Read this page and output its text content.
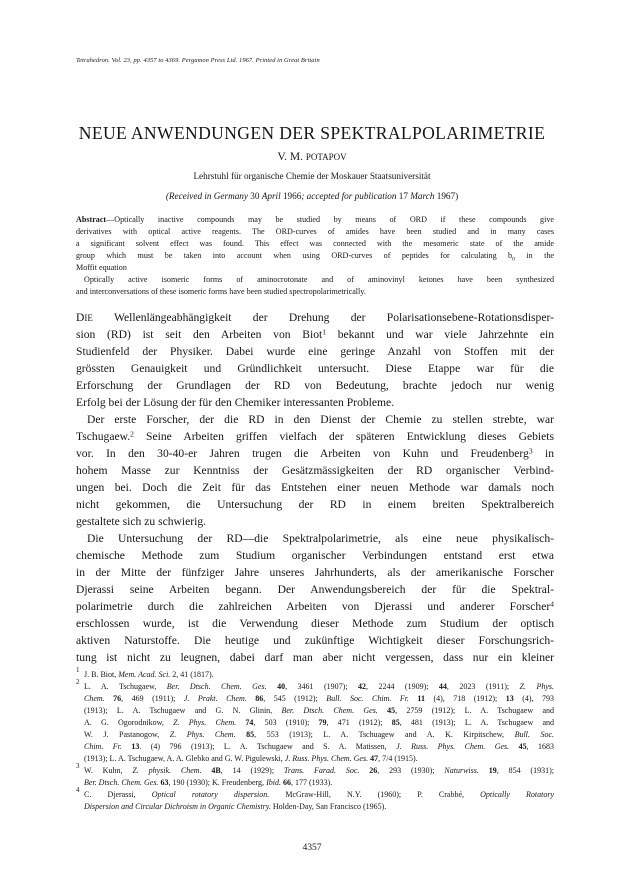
Tetrahedron. Vol. 23, pp. 4357 to 4369. Pergamon Press Ltd. 1967. Printed in Great Britain
NEUE ANWENDUNGEN DER SPEKTRALPOLARIMETRIE
V. M. POTAPOV
Lehrstuhl für organische Chemie der Moskauer Staatsuniversität
(Received in Germany 30 April 1966; accepted for publication 17 March 1967)
Abstract—Optically inactive compounds may be studied by means of ORD if these compounds give
derivatives with optical active reagents. The ORD-curves of amides have been studied and in many cases
a significant solvent effect was found. This effect was connected with the mesomeric state of the amide
group which must be taken into account when using ORD-curves of peptides for calculating $b_0$ in the
Moffit equation
Optically active isomeric forms of aminocrotonate and of aminovinyl ketones have been synthesized
and interconversations of these isomeric forms have been studied spectropolarimetrically.
DIE Wellenlängeabhängigkeit der Drehung der Polarisationsebene-Rotationsdisper-
sion (RD) ist seit den Arbeiten von Biot$^1$ bekannt und war viele Jahrzehnte ein
Studienfeld der Physiker. Dabei wurde eine geringe Anzahl von Stoffen mit der
grössten Genauigkeit und Gründlichkeit untersucht. Diese Etappe war für die
Erforschung der Grundlagen der RD von Bedeutung, brachte jedoch nur wenig
Erfolg bei der Lösung der für den Chemiker interessanten Probleme.
Der erste Forscher, der die RD in den Dienst der Chemie zu stellen strebte, war
Tschugaew.$^2$ Seine Arbeiten griffen vielfach der späteren Entwicklung dieses Gebiets
vor. In den 30-40-er Jahren trugen die Arbeiten von Kuhn und Freudenberg$^3$ in
hohem Masse zur Kenntniss der Gesätzmässigkeiten der RD organischer Verbind-
ungen bei. Doch die Zeit für das Entstehen einer neuen Methode war damals noch
nicht gekommen, die Untersuchung der RD in einem breiten Spektralbereich
gestaltete sich zu schwierig.
Die Untersuchung der RD—die Spektralpolarimetrie, als eine neue physikalisch-
chemische Methode zum Studium organischer Verbindungen entstand erst etwa
in der Mitte der fünfziger Jahre unseres Jahrhunderts, als der amerikanische Forscher
Djerassi seine Arbeiten begann. Der Anwendungsbereich der für die Spektral-
polarimetrie durch die zahlreichen Arbeiten von Djerassi und anderer Forscher$^4$
erschlossen wurde, ist die Verwendung dieser Methode zum Studium der optisch
aktiven Naturstoffe. Die heutige und zukünftige Wichtigkeit dieser Forschungsrich-
tung ist nicht zu leugnen, dabei darf man aber nicht vergessen, dass nur ein kleiner
1 J. B. Biot, Mem. Acad. Sci. 2, 41 (1817).
2 L. A. Tschugaew, Ber. Dtsch. Chem. Ges. 40, 3461 (1907); 42, 2244 (1909); 44, 2023 (1911); Z. Phys.
Chem. 76, 469 (1911); J. Prakt. Chem. 86, 545 (1912); Bull. Soc. Chim. Fr. 11 (4), 718 (1912); 13 (4), 793
(1913); L. A. Tschugaew and G. N. Glinin, Ber. Dtsch. Chem. Ges. 45, 2759 (1912); L. A. Tschugaew and
A. G. Ogorodnikow, Z. Phys. Chem. 74, 503 (1910); 79, 471 (1912); 85, 481 (1913); L. A. Tschugaew and
W. J. Pastanogow, Z. Phys. Chem. 85, 553 (1913); L. A. Tschuagew and A. K. Kirpitschew, Bull. Soc.
Chim. Fr. 13. (4) 796 (1913); L. A. Tschugaew and S. A. Matissen, J. Russ. Phys. Chem. Ges. 45, 1683
(1913); L. A. Tschugaew, A. A. Glebko and G. W. Pigulewski, J. Russ. Phys. Chem. Ges. 47, 7/4 (1915).
3 W. Kuhn, Z. physik. Chem. 4B, 14 (1929); Trans. Farad. Soc. 26, 293 (1930); Naturwiss. 19, 854 (1931);
Ber. Dtsch. Chem. Ges. 63, 190 (1930); K. Freudenberg, Ibid. 66, 177 (1933).
4 C. Djerassi, Optical rotatory dispersion. McGraw-Hill, N.Y. (1960); P. Crabbé, Optically Rotatory
Dispersion and Circular Dichroism in Organic Chemistry. Holden-Day, San Francisco (1965).
4357
